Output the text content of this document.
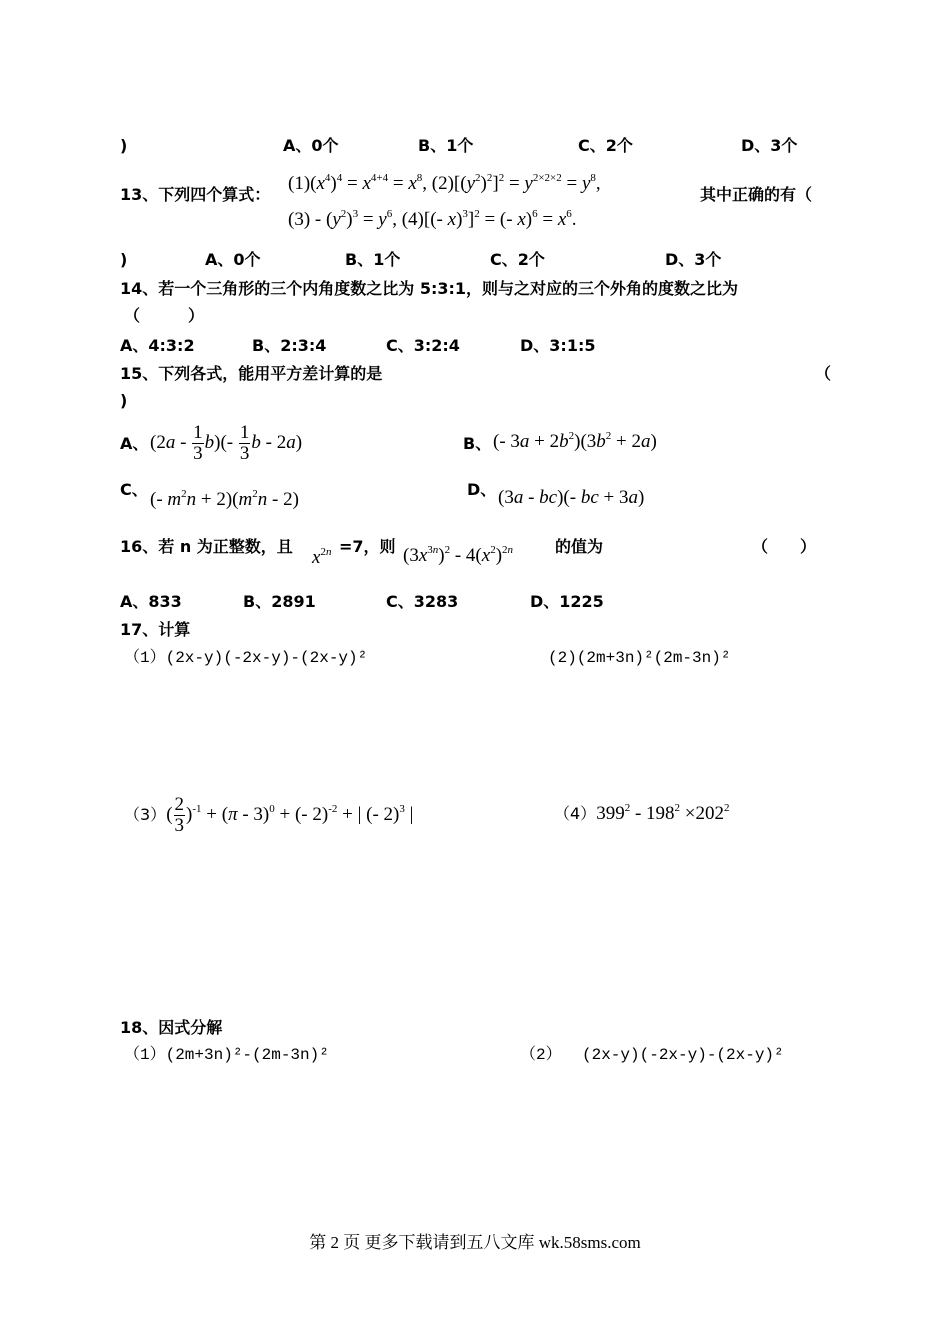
)	A、0个	B、1个	C、2个	D、3个
13、下列四个算式：
$(1)(x^4)^4 = x^{4+4} = x^8$, $(2)[(y^2)^2]^2 = y^{2\times 2\times 2} = y^8$,
其中正确的有（
$(3) - (y^2)^3 = y^6$, (4)[(- x)$^3$]$^2$ = (- $x)^6 = x^6$.
)	A、0个	B、1个	C、2个	D、3个
14、若一个三角形的三个内角度数之比为 5:3:1，则与之对应的三个外角的度数之比为
（　　　）
A、4:3:2	B、2:3:4	C、3:2:4	D、3:1:5
15、下列各式，能用平方差计算的是	（
)
A、 $(2a - \frac{1}{3} b)(- \frac{1}{3}$ b - 2a)	B、 (- $3a + 2b^2)(3b^2 + 2a)$
C、 (- $m^2n + 2)(m^2n - 2)$	D、 (3a - bc)(- bc + 3a)
16、若 n 为正整数，且
$x^{2n} =7$，则 $(3x^{3n})^2 - 4(x^2)^{2n}$	的值为	（　　）
A、833	B、2891	C、3283	D、1225
17、计算
（1）(2x-y)(-2x-y)-(2x-y)²	(2)(2m+3n)²(2m-3n)²
$(3)( \frac{2}{3} )^{-1} + (\pi - 3)^0$ + (- 2)$^{-2}$ + | (- 2)$^3$ |	$(4)399^2 - 198^2 \times 202^2$
18、因式分解
（1）(2m+3n)²-(2m-3n)²	（2） (2x-y)(-2x-y)-(2x-y)²
第 2 页 更多下载请到五八文库 wk.58sms.com
